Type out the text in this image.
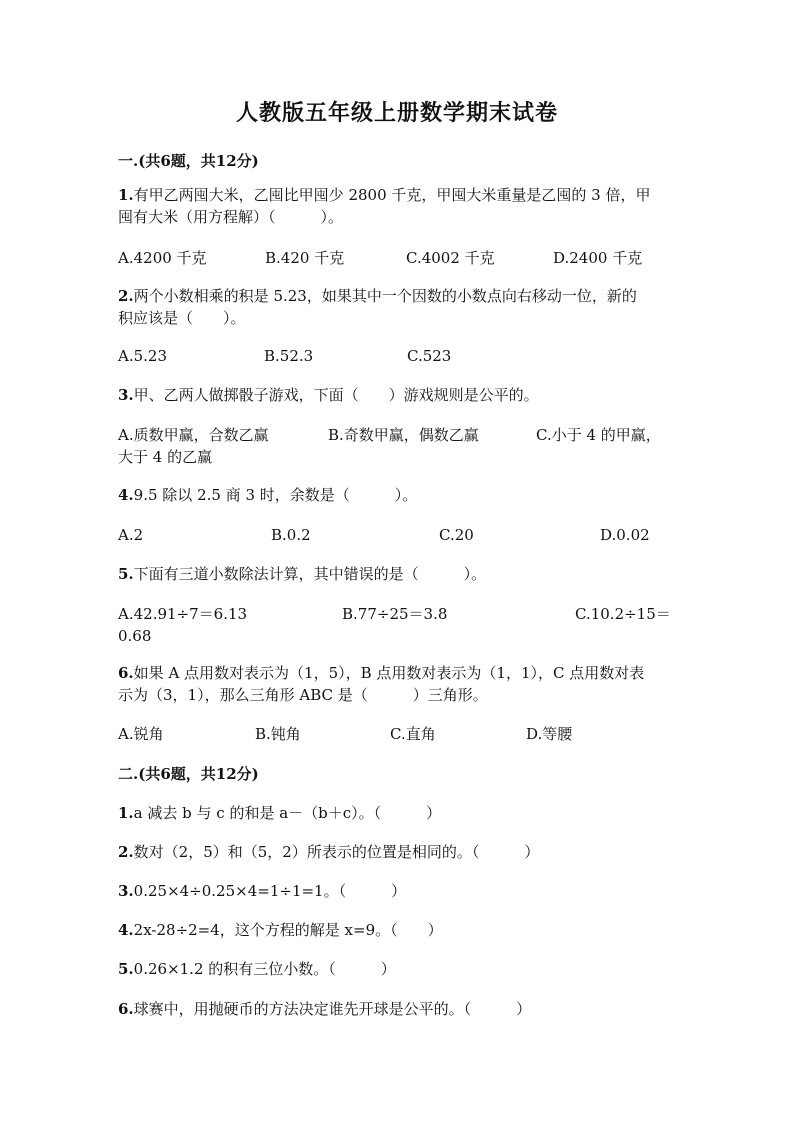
人教版五年级上册数学期末试卷
一.(共6题，共12分)
1.有甲乙两囤大米，乙囤比甲囤少 2800 千克，甲囤大米重量是乙囤的 3 倍，甲
囤有大米（用方程解）（　　　）。
A.4200 千克	B.420 千克	C.4002 千克	D.2400 千克
2.两个小数相乘的积是 5.23，如果其中一个因数的小数点向右移动一位，新的
积应该是（　　）。
A.5.23	B.52.3	C.523
3.甲、乙两人做掷骰子游戏，下面（　　）游戏规则是公平的。
A.质数甲赢，合数乙赢	B.奇数甲赢，偶数乙赢	C.小于 4 的甲赢，
大于 4 的乙赢
4.9.5 除以 2.5 商 3 时，余数是（　　　）。
A.2	B.0.2	C.20	D.0.02
5.下面有三道小数除法计算，其中错误的是（　　　）。
A.42.91÷7＝6.13	B.77÷25＝3.8	C.10.2÷15＝
0.68
6.如果 A 点用数对表示为（1，5），B 点用数对表示为（1，1），C 点用数对表
示为（3，1），那么三角形 ABC 是（　　　）三角形。
A.锐角	B.钝角	C.直角	D.等腰
二.(共6题，共12分)
1.a 减去 b 与 c 的和是 a－（b＋c）。（　　　）
2.数对（2，5）和（5，2）所表示的位置是相同的。（　　　）
3.0.25×4÷0.25×4=1÷1=1。（　　　）
4.2x-28÷2=4，这个方程的解是 x=9。（　　）
5.0.26×1.2 的积有三位小数。（　　　）
6.球赛中，用抛硬币的方法决定谁先开球是公平的。（　　　）
